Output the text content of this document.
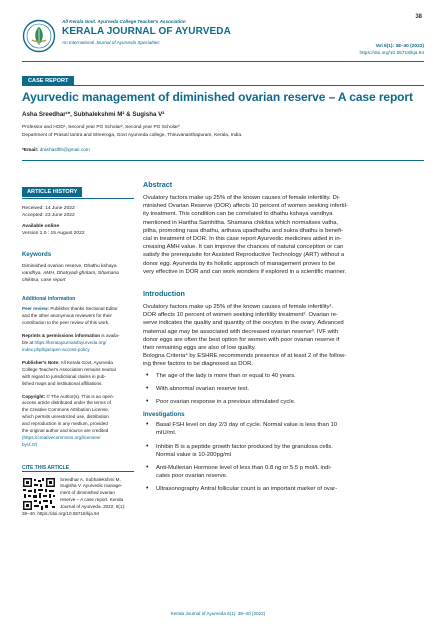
38
All Kerala Govt. Ayurveda College Teacher's Association
KERALA JOURNAL OF AYURVEDA
An International Journal of Ayurveda Specialties
Vol 6(1): 38–40 (2022)
https://doi.org/10.55718/kja.94
CASE REPORT
Ayurvedic management of diminished ovarian reserve – A case report
Asha Sreedhar¹*, Subhalekshmi M² & Sugisha V²
Professor and HOD¹, Second year PG Scholar², Second year PG Scholar²
Department of Prasuti tantra and Streeroga, Govt Ayurveda college, Thiruvananthapuram, Kerala, India.
*Email: drashaslfth@gmail.com
ARTICLE HISTORY
Received: 14 June 2022
Accepted: 23 June 2022
Available online
Version 1.0 : 15 August 2022
Keywords
Diminished ovarian reserve, Dhathu kshaya
vandhya, AMH, Dhatryadi ghritam, Shamana
chikitsa, case report
Additional information
Peer review: Publisher thanks Sectional Editor
and the other anonymous reviewers for their
contribution to the peer review of this work.
Reprints & permissions information is availa-
ble at https://keralajournalofayurveda.org/
index.php/kja/open-access-policy
Publisher's Note: All Kerala Govt. Ayurveda
College Teacher's Association remains neutral
with regard to jurisdictional claims in pub-
lished maps and institutional affiliations.
Copyright: © The Author(s). This is an open-
access article distributed under the terms of
the Creative Commons Attribution License,
which permits unrestricted use, distribution
and reproduction in any medium, provided
the original author and source are credited
(https://creativecommons.org/licenses/
by/4.0/)
CITE THIS ARTICLE
Sreedhar A, Subhalekshmi M,
Sugisha V. Ayurvedic manage-
ment of diminished ovarian
reserve – A case report. Kerala
Journal of Ayurveda. 2022; 6(1):
38–40. https://doi.org/10.55718/kja.94
Abstract
Ovulatory factors make up 25% of the known causes of female infertility. Di-
minished Ovarian Reserve (DOR) affects 10 percent of women seeking infertil-
ity treatment. This condition can be correlated to dhathu kshaya vandhya
mentioned in Haritha Samhitha. Shamana chikitsa which normalises vatha,
pitha, promoting rasa dhathu, arthava upadhathu and sukra dhathu is benefi-
cial in treatment of DOR. In this case report Ayurvedic medicines aided in in-
creasing AMH value. It can improve the chances of natural conception or can
satisfy the prerequisite for Assisted Reproductive Technology (ART) without a
donor egg. Ayurveda by its holistic approach of management proves to be
very effective in DOR and can work wonders if explored in a scientific manner.
Introduction
Ovulatory factors make up 25% of the known causes of female infertility¹.
DOR affects 10 percent of women seeking infertility treatment². Ovarian re-
serve indicates the quality and quantity of the oocytes in the ovary. Advanced
maternal age may be associated with decreased ovarian reserve³. IVF with
donor eggs are often the best option for women with poor ovarian reserve if
their remaining eggs are also of low quality.
Bologna Criteria⁴ by ESHRE recommends presence of at least 2 of the follow-
ing three factors to be diagnosed as DOR.
• The age of the lady is more than or equal to 40 years.
• With abnormal ovarian reserve test.
• Poor ovarian response in a previous stimulated cycle.
Investigations
• Basal FSH level on day 2/3 day of cycle. Normal value is less than 10
mIU/ml.
• Inhibin B is a peptide growth factor produced by the granulosa cells.
Normal value is 10-200pg/ml
• Anti-Mullerian Hormone level of less than 0.8 ng or 5.5 p mol/L indi-
cates poor ovarian reserve.
• Ultrasonography Antral follicular count is an important marker of ovar-
Kerala Journal of Ayurveda 6(1): 38–40 (2022)
